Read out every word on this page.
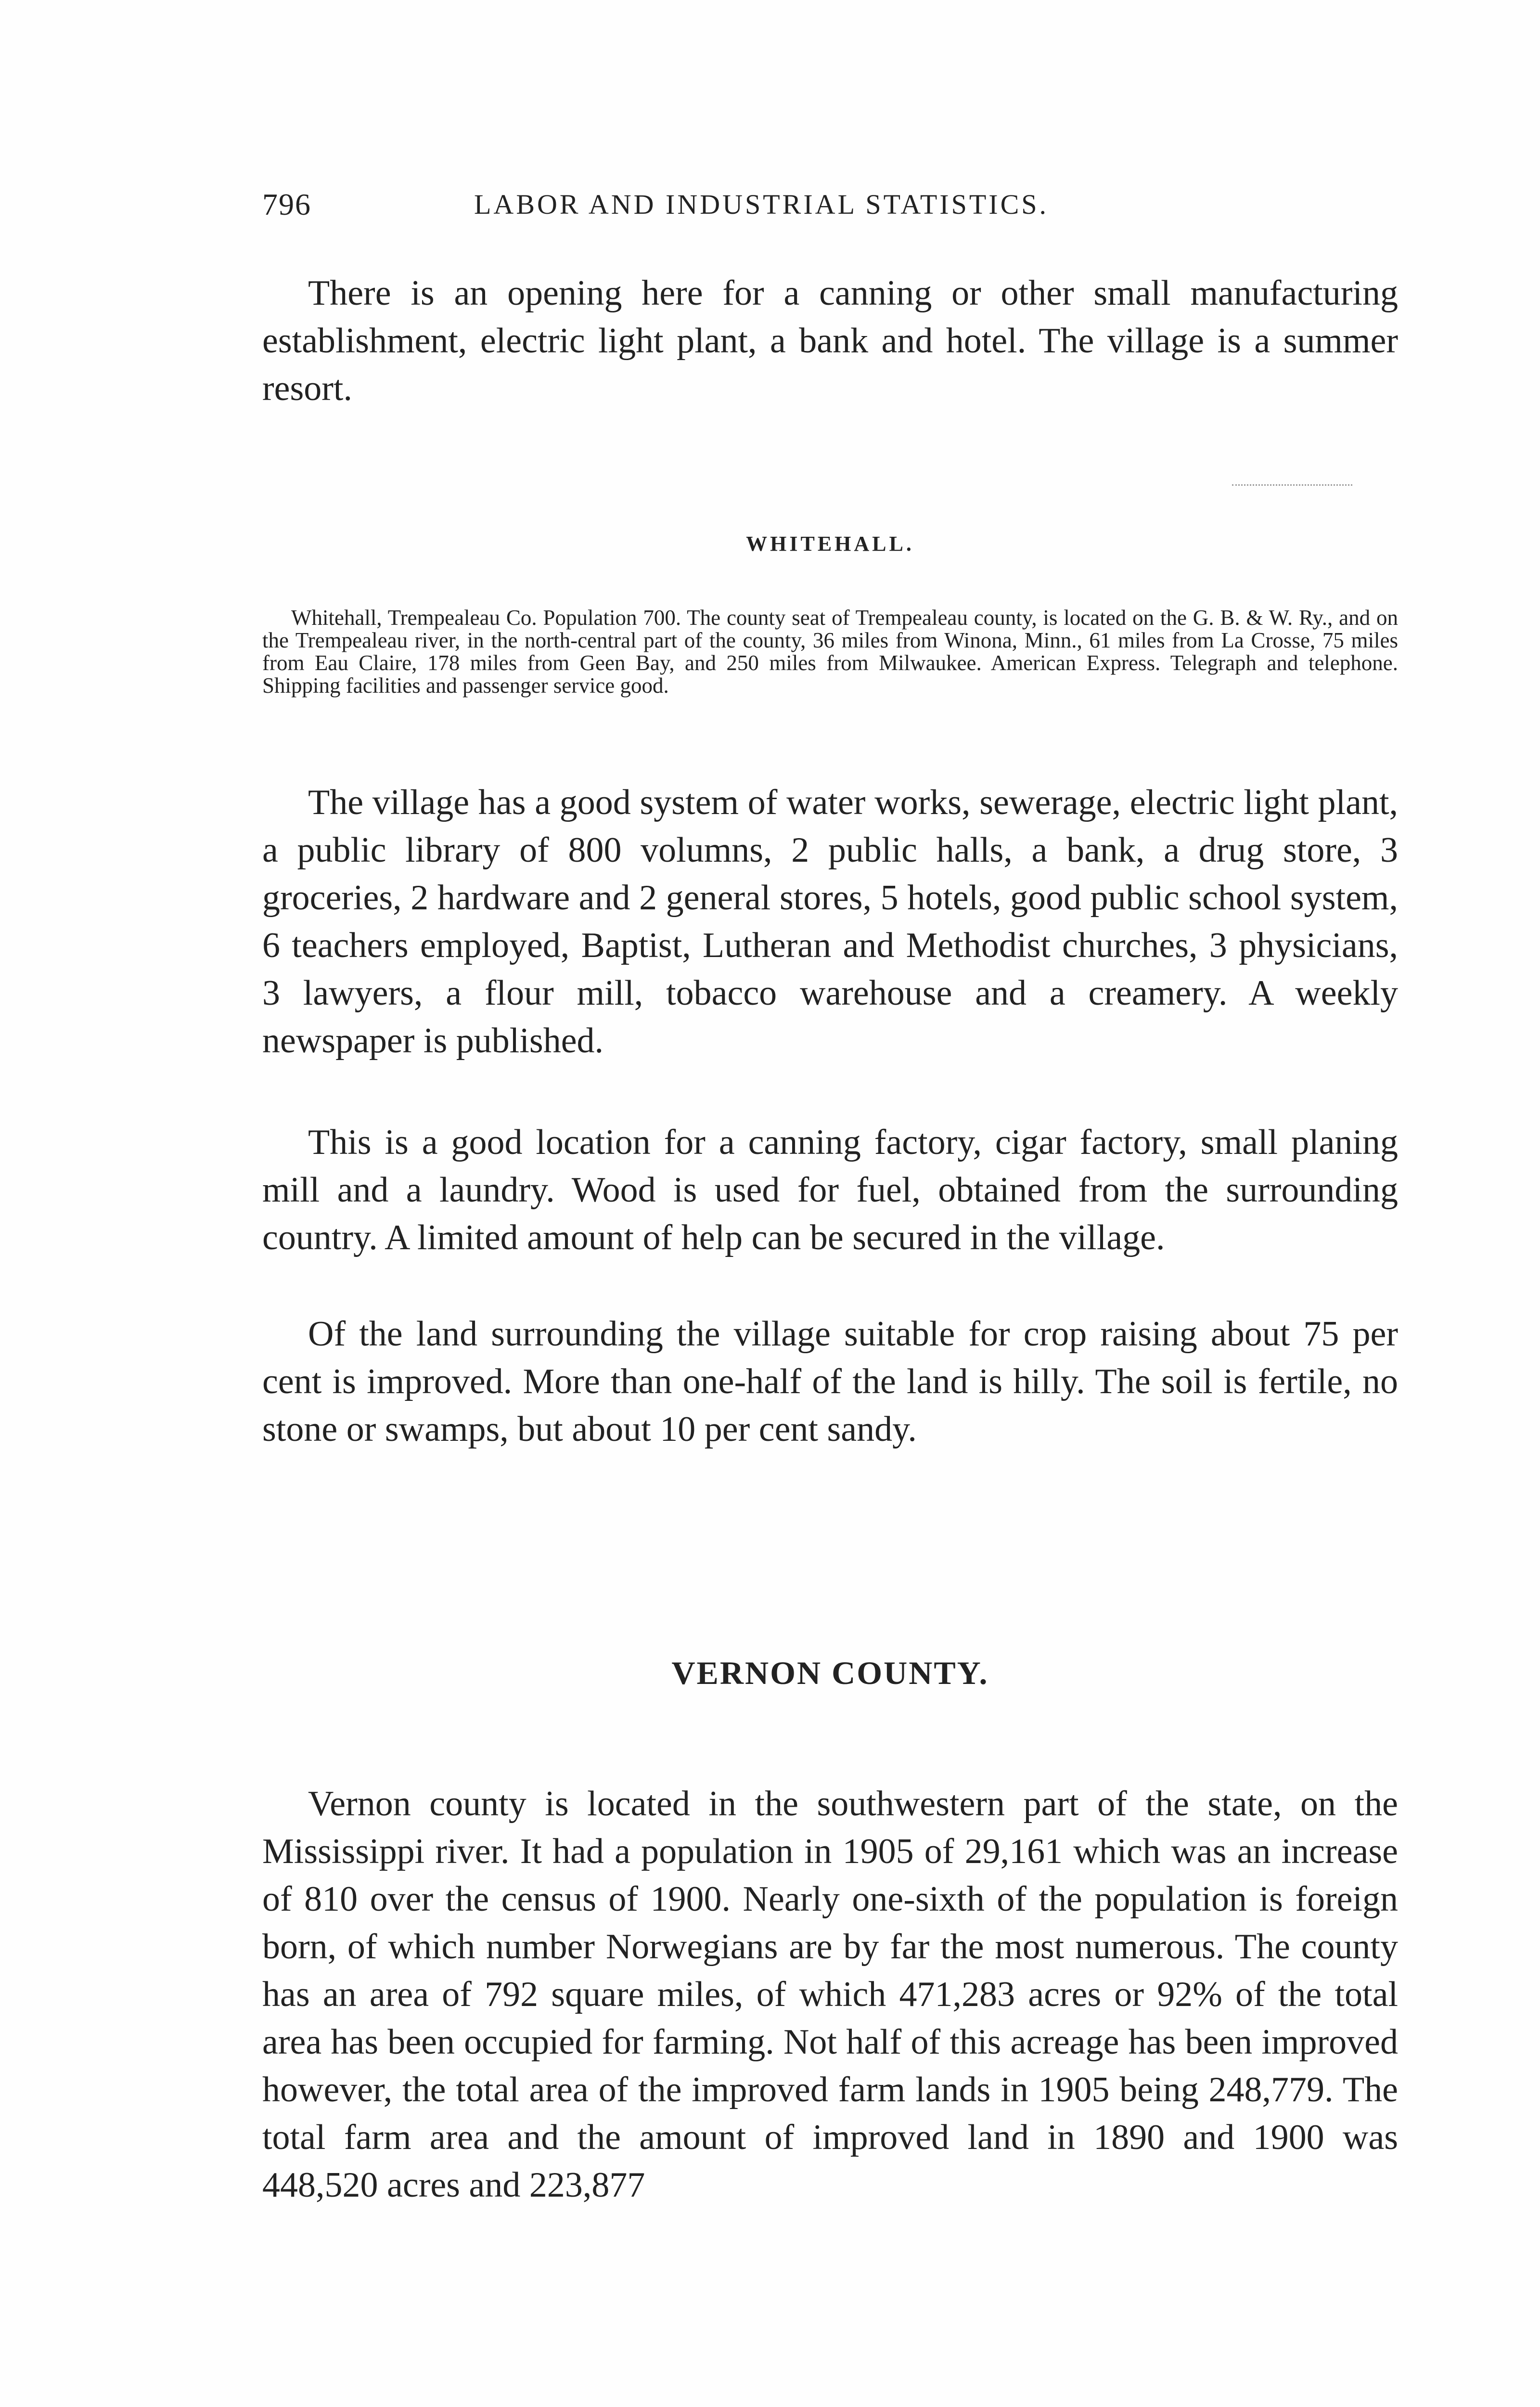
796	LABOR AND INDUSTRIAL STATISTICS.

There is an opening here for a canning or other small manufacturing establishment, electric light plant, a bank and hotel. The village is a summer resort.

WHITEHALL.

Whitehall, Trempealeau Co. Population 700. The county seat of Trempealeau county, is located on the G. B. & W. Ry., and on the Trempealeau river, in the north-central part of the county, 36 miles from Winona, Minn., 61 miles from La Crosse, 75 miles from Eau Claire, 178 miles from Geen Bay, and 250 miles from Milwaukee. American Express. Telegraph and telephone. Shipping facilities and passenger service good.

The village has a good system of water works, sewerage, electric light plant, a public library of 800 volumns, 2 public halls, a bank, a drug store, 3 groceries, 2 hardware and 2 general stores, 5 hotels, good public school system, 6 teachers employed, Baptist, Lutheran and Methodist churches, 3 physicians, 3 lawyers, a flour mill, tobacco warehouse and a creamery. A weekly newspaper is published.

This is a good location for a canning factory, cigar factory, small planing mill and a laundry. Wood is used for fuel, obtained from the surrounding country. A limited amount of help can be secured in the village.

Of the land surrounding the village suitable for crop raising about 75 per cent is improved. More than one-half of the land is hilly. The soil is fertile, no stone or swamps, but about 10 per cent sandy.

VERNON COUNTY.

Vernon county is located in the southwestern part of the state, on the Mississippi river. It had a population in 1905 of 29,161 which was an increase of 810 over the census of 1900. Nearly one-sixth of the population is foreign born, of which number Norwegians are by far the most numerous. The county has an area of 792 square miles, of which 471,283 acres or 92% of the total area has been occupied for farming. Not half of this acreage has been improved however, the total area of the improved farm lands in 1905 being 248,779. The total farm area and the amount of improved land in 1890 and 1900 was 448,520 acres and 223,877
